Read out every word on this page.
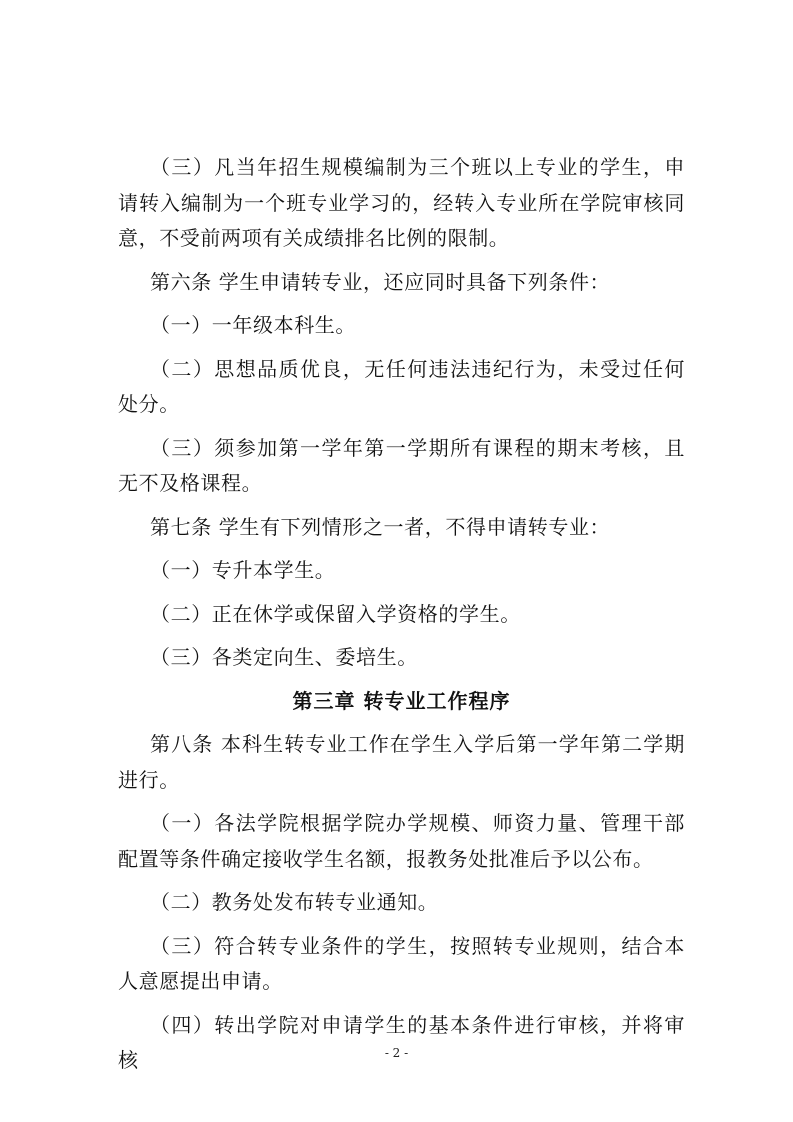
（三）凡当年招生规模编制为三个班以上专业的学生，申请转入编制为一个班专业学习的，经转入专业所在学院审核同意，不受前两项有关成绩排名比例的限制。

第六条 学生申请转专业，还应同时具备下列条件：

（一）一年级本科生。

（二）思想品质优良，无任何违法违纪行为，未受过任何处分。

（三）须参加第一学年第一学期所有课程的期末考核，且无不及格课程。

第七条 学生有下列情形之一者，不得申请转专业：

（一）专升本学生。

（二）正在休学或保留入学资格的学生。

（三）各类定向生、委培生。

第三章 转专业工作程序

第八条 本科生转专业工作在学生入学后第一学年第二学期进行。

（一）各法学院根据学院办学规模、师资力量、管理干部配置等条件确定接收学生名额，报教务处批准后予以公布。

（二）教务处发布转专业通知。

（三）符合转专业条件的学生，按照转专业规则，结合本人意愿提出申请。

（四）转出学院对申请学生的基本条件进行审核，并将审核	- 2 -
